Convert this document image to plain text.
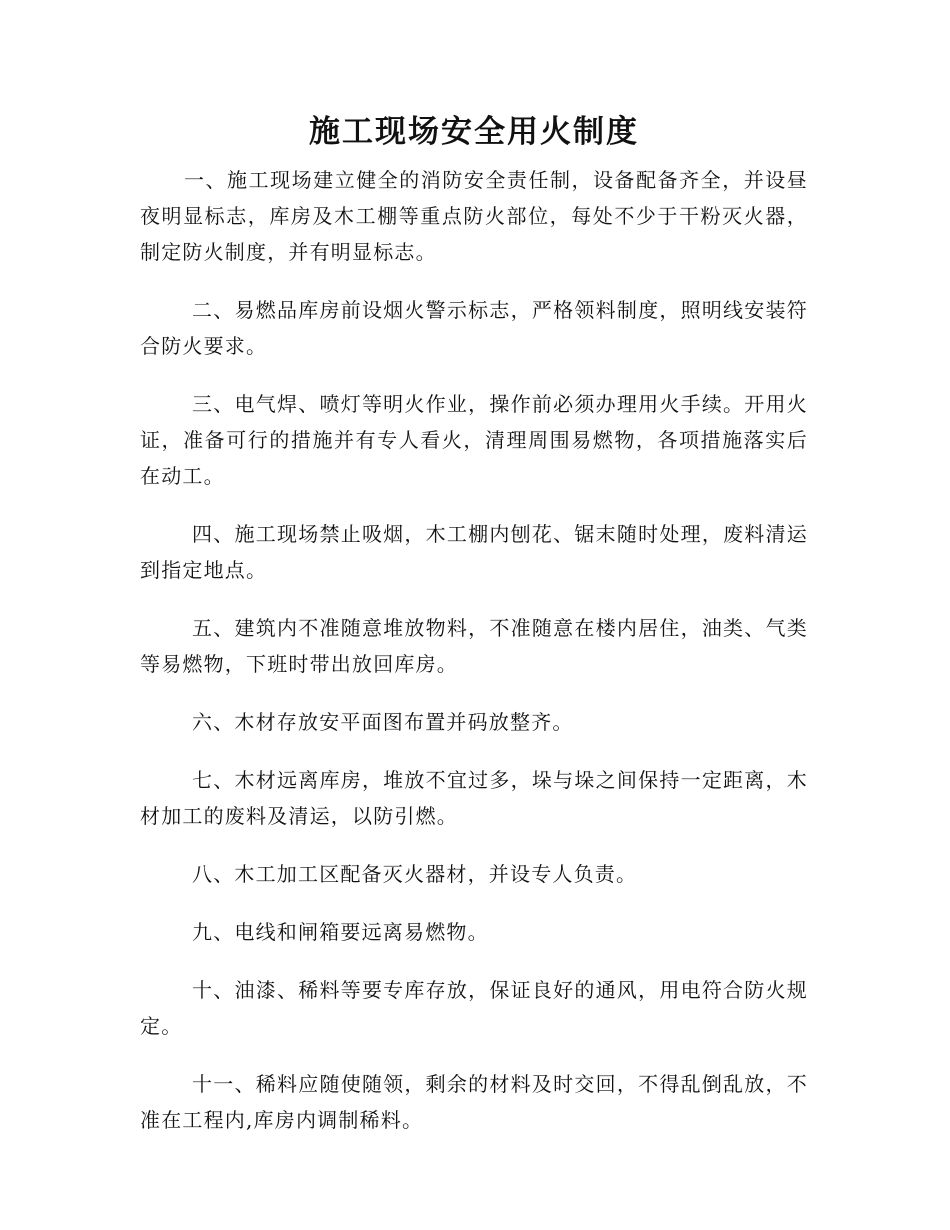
施工现场安全用火制度

一、施工现场建立健全的消防安全责任制，设备配备齐全，并设昼夜明显标志，库房及木工棚等重点防火部位，每处不少于干粉灭火器，制定防火制度，并有明显标志。

二、易燃品库房前设烟火警示标志，严格领料制度，照明线安装符合防火要求。

三、电气焊、喷灯等明火作业，操作前必须办理用火手续。开用火证，准备可行的措施并有专人看火，清理周围易燃物，各项措施落实后在动工。

四、施工现场禁止吸烟，木工棚内刨花、锯末随时处理，废料清运到指定地点。

五、建筑内不准随意堆放物料，不准随意在楼内居住，油类、气类等易燃物，下班时带出放回库房。

六、木材存放安平面图布置并码放整齐。

七、木材远离库房，堆放不宜过多，垛与垛之间保持一定距离，木材加工的废料及清运，以防引燃。

八、木工加工区配备灭火器材，并设专人负责。

九、电线和闸箱要远离易燃物。

十、油漆、稀料等要专库存放，保证良好的通风，用电符合防火规定。

十一、稀料应随使随领，剩余的材料及时交回，不得乱倒乱放，不准在工程内,库房内调制稀料。
